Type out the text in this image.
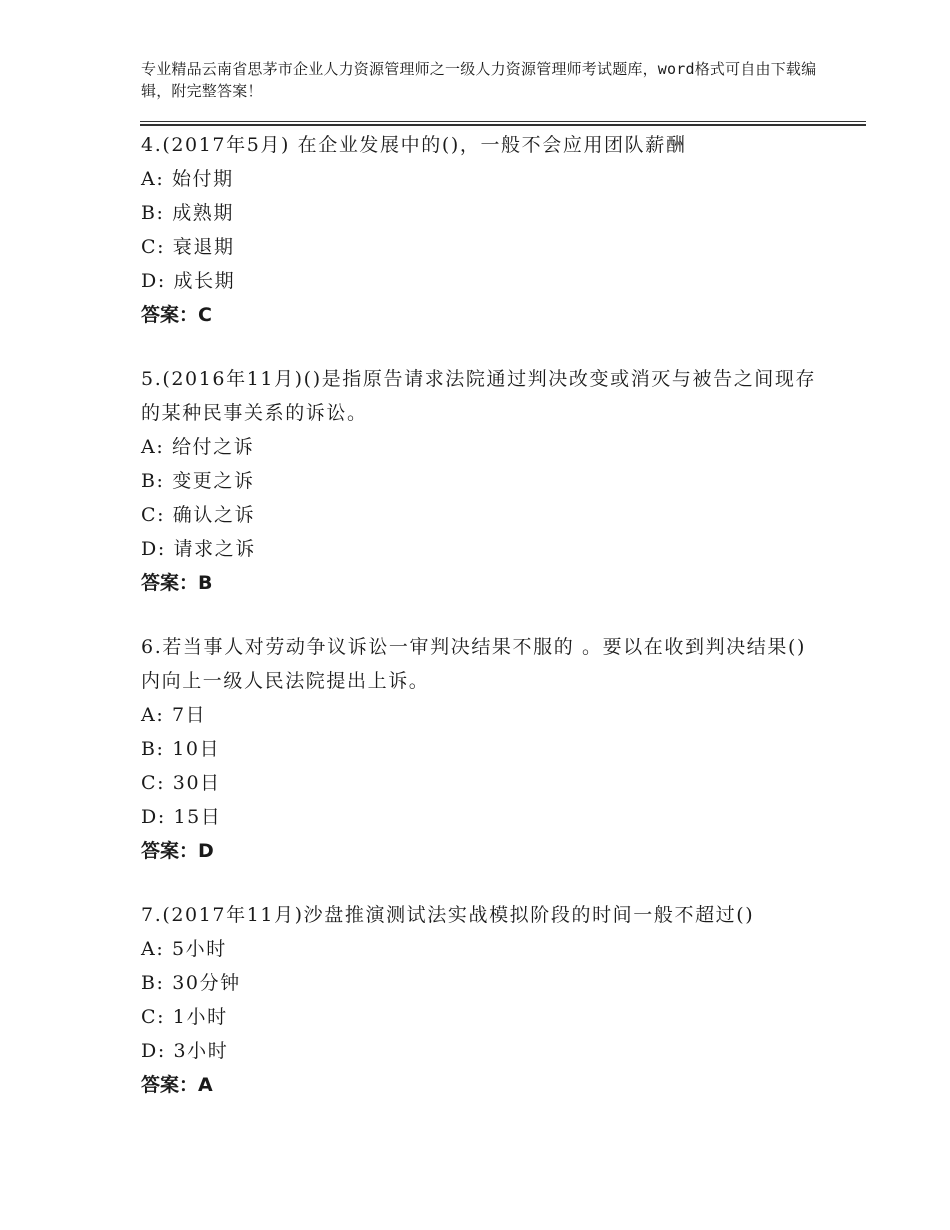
专业精品云南省思茅市企业人力资源管理师之一级人力资源管理师考试题库，word格式可自由下载编辑，附完整答案！

4.(2017年5月) 在企业发展中的()，一般不会应用团队薪酬

A: 始付期

B: 成熟期

C: 衰退期

D: 成长期

答案：C

5.(2016年11月)()是指原告请求法院通过判决改变或消灭与被告之间现存的某种民事关系的诉讼。

A: 给付之诉

B: 变更之诉

C: 确认之诉

D: 请求之诉

答案：B

6.若当事人对劳动争议诉讼一审判决结果不服的 。要以在收到判决结果()内向上一级人民法院提出上诉。

A: 7日

B: 10日

C: 30日

D: 15日

答案：D

7.(2017年11月)沙盘推演测试法实战模拟阶段的时间一般不超过()

A: 5小时

B: 30分钟

C: 1小时

D: 3小时

答案：A
